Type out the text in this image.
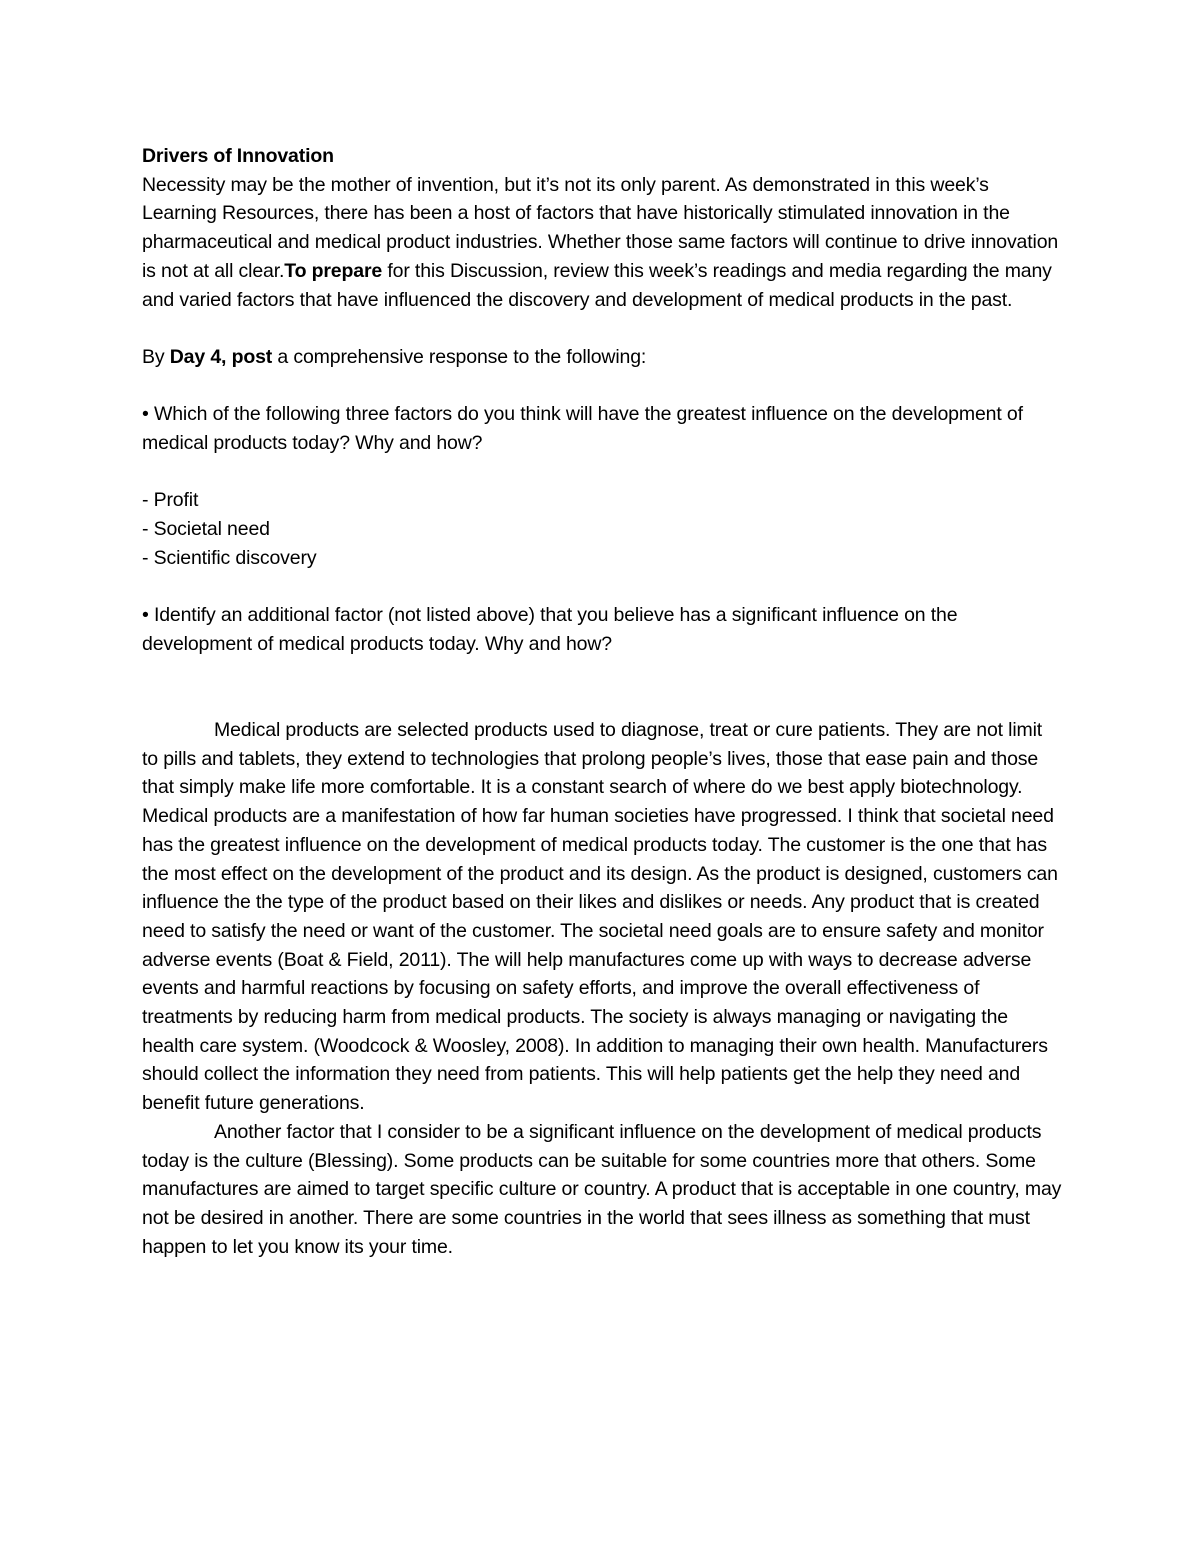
Drivers of Innovation

Necessity may be the mother of invention, but it’s not its only parent. As demonstrated in this week’s Learning Resources, there has been a host of factors that have historically stimulated innovation in the pharmaceutical and medical product industries. Whether those same factors will continue to drive innovation is not at all clear.To prepare for this Discussion, review this week’s readings and media regarding the many and varied factors that have influenced the discovery and development of medical products in the past.

By Day 4, post a comprehensive response to the following:

• Which of the following three factors do you think will have the greatest influence on the development of medical products today? Why and how?

- Profit

- Societal need

- Scientific discovery

• Identify an additional factor (not listed above) that you believe has a significant influence on the development of medical products today. Why and how?

Medical products are selected products used to diagnose, treat or cure patients. They are not limit to pills and tablets, they extend to technologies that prolong people’s lives, those that ease pain and those that simply make life more comfortable. It is a constant search of where do we best apply biotechnology. Medical products are a manifestation of how far human societies have progressed. I think that societal need has the greatest influence on the development of medical products today. The customer is the one that has the most effect on the development of the product and its design. As the product is designed, customers can influence the the type of the product based on their likes and dislikes or needs. Any product that is created need to satisfy the need or want of the customer. The societal need goals are to ensure safety and monitor adverse events (Boat & Field, 2011). The will help manufactures come up with ways to decrease adverse events and harmful reactions by focusing on safety efforts, and improve the overall effectiveness of treatments by reducing harm from medical products. The society is always managing or navigating the health care system. (Woodcock & Woosley, 2008). In addition to managing their own health. Manufacturers should collect the information they need from patients. This will help patients get the help they need and benefit future generations.

Another factor that I consider to be a significant influence on the development of medical products today is the culture (Blessing). Some products can be suitable for some countries more that others. Some manufactures are aimed to target specific culture or country. A product that is acceptable in one country, may not be desired in another. There are some countries in the world that sees illness as something that must happen to let you know its your time.
